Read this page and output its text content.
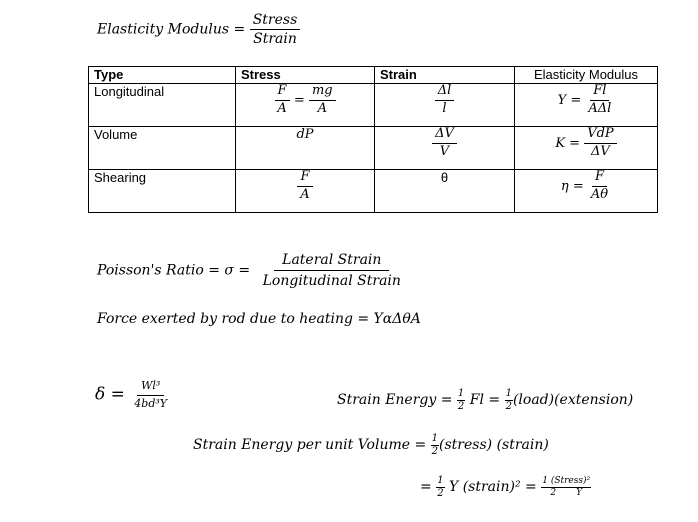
Elasticity Modulus = $\frac{\text{Stress}}{\text{Strain}}$
Type	Stress	Strain	Elasticity Modulus
Longitudinal	$\frac{F}{A} = \frac{mg}{A}$	$\frac{\Delta l}{l}$	$Y = \frac{Fl}{\text{AΔl}}$

Volume	dP	$\frac{\Delta V}{V}$	$K = \frac{\text{VdP}}{\Delta V}$

Shearing	$\frac{F}{A}$	θ	$\eta = \frac{F}{A\theta}$
Poisson's Ratio = $\sigma = \frac{\text{Lateral Strain}}{\text{Longitudinal Strain}}$
Force exerted by rod due to heating = YαΔθA
$\delta = \frac{\text{Wl³}}{\text{4bd³Y}}$	Strain Energy = $\frac{1}{2}$ $Fl = \frac{1}{2}$ (load)(extension)
Strain Energy per unit Volume = $\frac{1}{2}$ (stress) (strain)
= $\frac{1}{2}$ Y (strain)² = $\frac{\text{1 (Stress)²}}{2 Y}$
